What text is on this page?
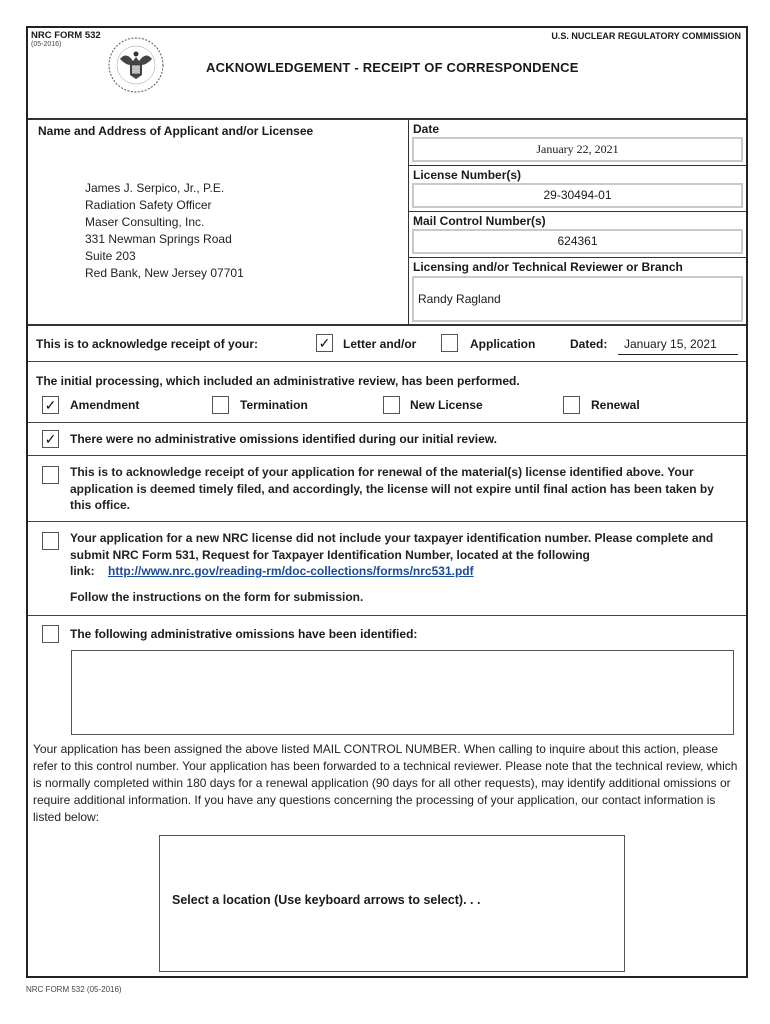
NRC FORM 532
(05-2016)
U.S. NUCLEAR REGULATORY COMMISSION
ACKNOWLEDGEMENT - RECEIPT OF CORRESPONDENCE
Name and Address of Applicant and/or Licensee
James J. Serpico, Jr., P.E.
Radiation Safety Officer
Maser Consulting, Inc.
331 Newman Springs Road
Suite 203
Red Bank, New Jersey 07701
Date
January 22, 2021
License Number(s)
29-30494-01
Mail Control Number(s)
624361
Licensing and/or Technical Reviewer or Branch
Randy Ragland
This is to acknowledge receipt of your:	✓ Letter and/or	Application	Dated: January 15, 2021
The initial processing, which included an administrative review, has been performed.
✓ Amendment	Termination	New License	Renewal
✓ There were no administrative omissions identified during our initial review.
This is to acknowledge receipt of your application for renewal of the material(s) license identified above. Your application is deemed timely filed, and accordingly, the license will not expire until final action has been taken by this office.
Your application for a new NRC license did not include your taxpayer identification number. Please complete and submit NRC Form 531, Request for Taxpayer Identification Number, located at the following link: http://www.nrc.gov/reading-rm/doc-collections/forms/nrc531.pdf
Follow the instructions on the form for submission.
The following administrative omissions have been identified:
Your application has been assigned the above listed MAIL CONTROL NUMBER. When calling to inquire about this action, please refer to this control number. Your application has been forwarded to a technical reviewer. Please note that the technical review, which is normally completed within 180 days for a renewal application (90 days for all other requests), may identify additional omissions or require additional information. If you have any questions concerning the processing of your application, our contact information is listed below:
Select a location (Use keyboard arrows to select). . .
NRC FORM 532 (05-2016)
